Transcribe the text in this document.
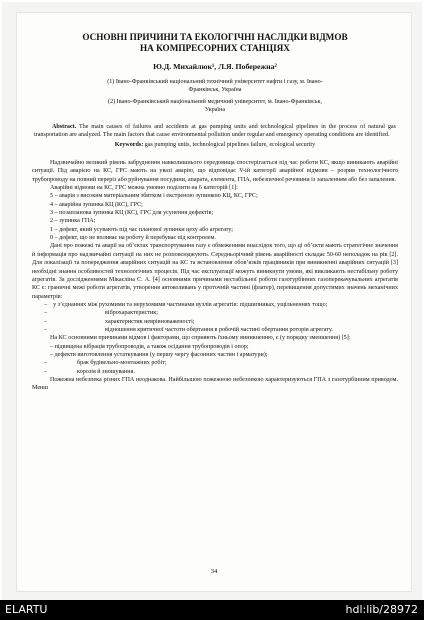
ОСНОВНІ ПРИЧИНИ ТА ЕКОЛОГІЧНІ НАСЛІДКИ ВІДМОВ
НА КОМПРЕСОРНИХ СТАНЦІЯХ
Ю.Д. Михайлюк¹, Л.Я. Побережна²
(1) Івано-Франківський національний технічний університет нафти і газу, м. Івано-
Франківськ, Україна
(2) Івано-Франківський національний медичний університет, м. Івано-Франківськ,
Україна
Abstract. The main causes of failures and accidents at gas pumping units and technological pipelines in the process of natural gas transportation are analyzed. The main factors that cause environmental pollution under regular and emergency operating conditions are identified.
Keywords: gas pumping units, technological pipelines failure, ecological security
Надзвичайно великий рівень забруднення навколишнього середовища спостерігається під час роботи КС, якщо виникають аварійні ситуації. Під аварією на КС, ГРС мають на увазі аварію, що відповідає V-ій категорії аварійної відмови – розрив технологічного трубопроводу на повний переріз або руйнування посудини, апарата, елемента, ГПА, небезпечної речовини із запаленням або без запалення.
Аварійні відмови на КС, ГРС можна умовно поділити на 6 категорій [1]:
5 – аварія з високим матеріальним збитком і екстреною зупинкою КЦ, КС, ГРС;
4 – аварійна зупинка КЦ (КС), ГРС;
3 – позапланова зупинка КЦ (КС), ГРС для усунення дефектів;
2 – зупинка ГПА;
1 – дефект, який усувають під час планової зупинки цеху або агрегату;
0 – дефект, що не впливає на роботу й перебуває під контролем.
Дані про пожежі та аварії на об’єктах транспортування газу є обмеженими внаслідок того, що ці об’єкти мають стратегічне значення й інформація про надзвичайні ситуації на них не розповсюджують. Середньорічний рівень аварійності складає 50-60 неполадок на рік [2]. Для локалізації та попередження аварійних ситуацій на КС та встановлення обов’язків працівників при виникненні аварійних ситуацій [3] необхідні знання особливостей технологічних процесів. Під час експлуатації можуть виникнути умови, які викликають нестабільну роботу агрегатів. За дослідженнями Мікаєліна С. А. [4] основними причинами нестабільної роботи газотурбінних газоперекачувальних агрегатів КС є: граничні межі роботи агрегатів, утворення автоколивань у проточній частині (флатер), перевищення допустимих значень механічних параметрів:
–    у з’єднаннях між рухомими та нерухомими частинами вузлів агрегатів: підшипниках, ущільненнях тощо;
–	віброхарактеристик;
–	характеристик неврівноваженості;
–	відношення критичної частоти обертання в робочій частині обертання роторів агрегату.
На КС основними причинами відмов і факторами, що сприяють їхньому виникненню, є (у порядку зменшення) [5]:
– підвищена вібрація трубопроводів, а також осідання трубопроводів і опор;
– дефекти виготовлення устаткування (у першу чергу фасонних частин і арматури);
–	брак будівельно-монтажних робіт;
–	корозія й зношування.
Пожежна небезпека різних ГПА неоднакова. Найбільшою пожежною небезпекою характеризуються ГПА з газотурбінним приводом. Менш
34
ELARTU	hdl:lib/28972
